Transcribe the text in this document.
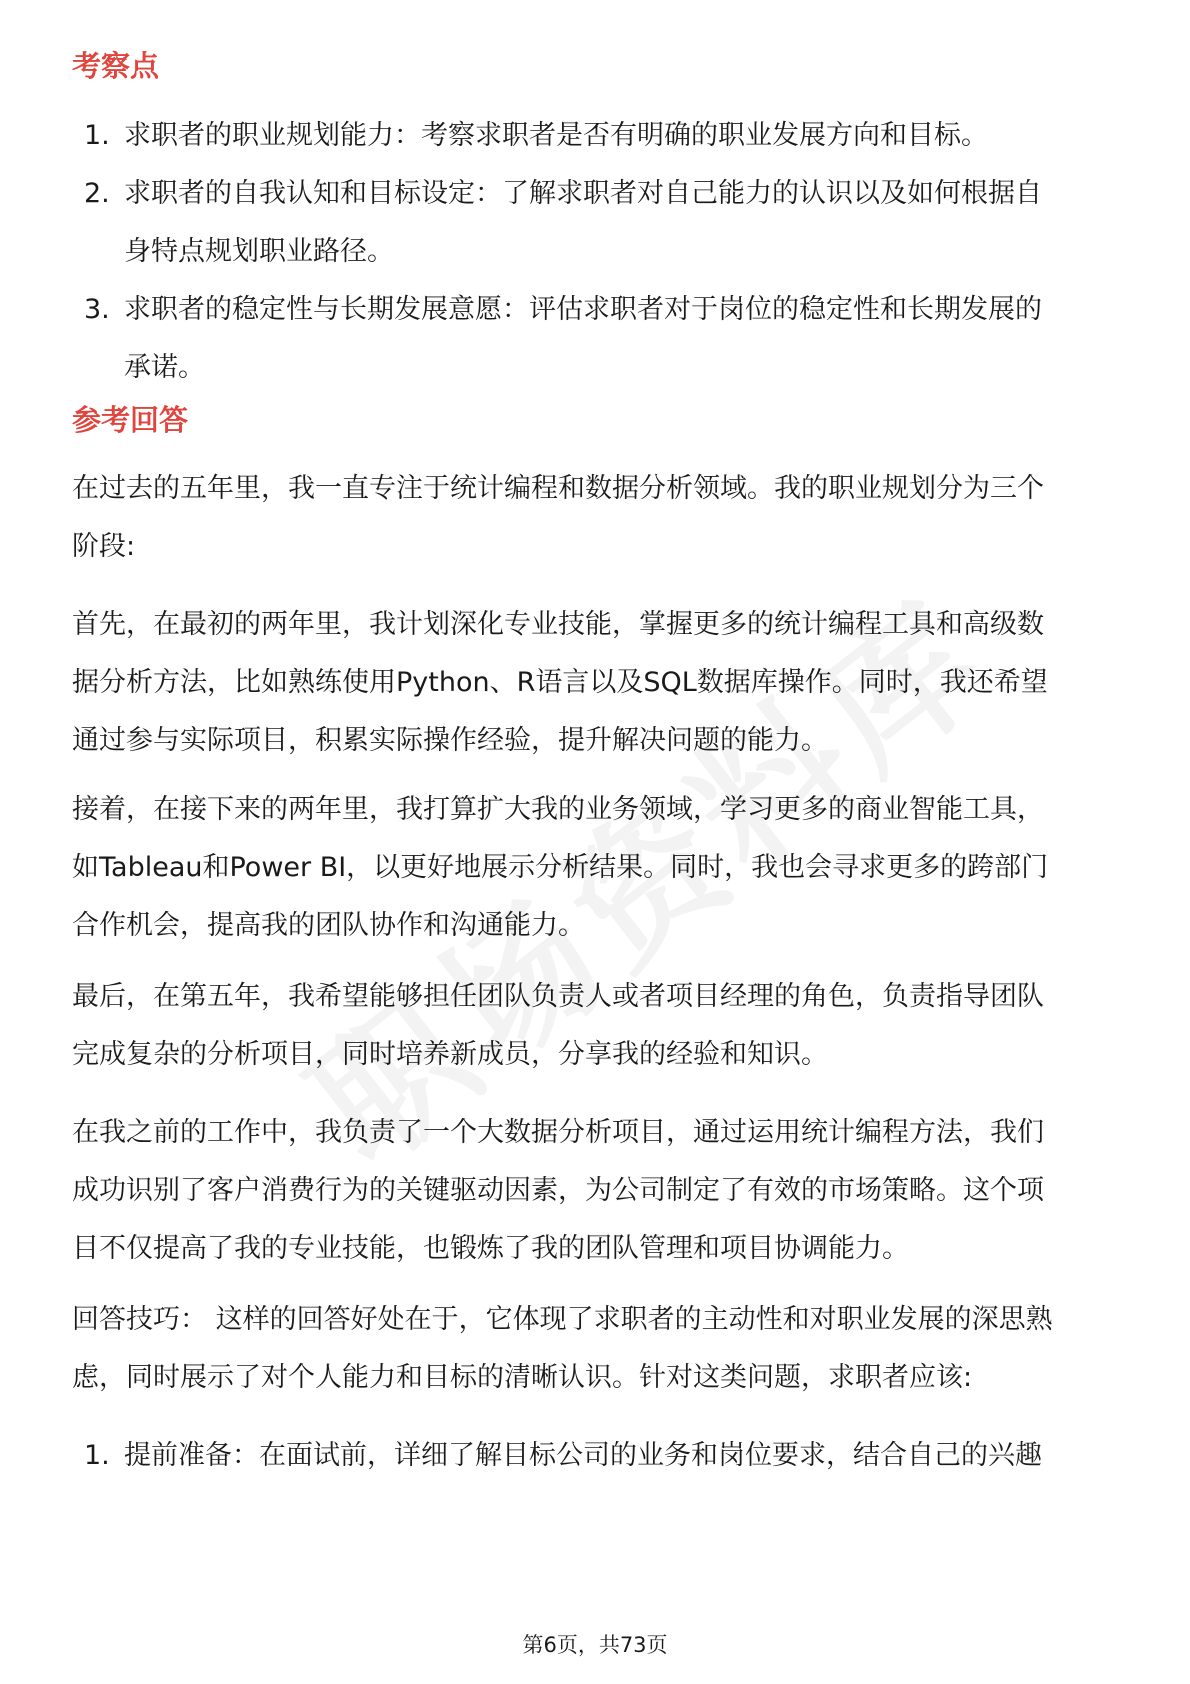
考察点
1. 求职者的职业规划能力：考察求职者是否有明确的职业发展方向和目标。
2. 求职者的自我认知和目标设定：了解求职者对自己能力的认识以及如何根据自
身特点规划职业路径。
3. 求职者的稳定性与长期发展意愿：评估求职者对于岗位的稳定性和长期发展的
承诺。
参考回答

在过去的五年里，我一直专注于统计编程和数据分析领域。我的职业规划分为三个
阶段:

首先，在最初的两年里，我计划深化专业技能，掌握更多的统计编程工具和高级数
据分析方法，比如熟练使用Python、R语言以及SQL数据库操作。同时，我还希望
通过参与实际项目，积累实际操作经验，提升解决问题的能力。

接着，在接下来的两年里，我打算扩大我的业务领域，学习更多的商业智能工具，
如Tableau和Power BI，以更好地展示分析结果。同时，我也会寻求更多的跨部门
合作机会，提高我的团队协作和沟通能力。

最后，在第五年，我希望能够担任团队负责人或者项目经理的角色，负责指导团队
完成复杂的分析项目，同时培养新成员，分享我的经验和知识。

在我之前的工作中，我负责了一个大数据分析项目，通过运用统计编程方法，我们
成功识别了客户消费行为的关键驱动因素，为公司制定了有效的市场策略。这个项
目不仅提高了我的专业技能，也锻炼了我的团队管理和项目协调能力。

回答技巧： 这样的回答好处在于，它体现了求职者的主动性和对职业发展的深思熟
虑，同时展示了对个人能力和目标的清晰认识。针对这类问题，求职者应该:

1. 提前准备：在面试前，详细了解目标公司的业务和岗位要求，结合自己的兴趣
第6页，共73页
